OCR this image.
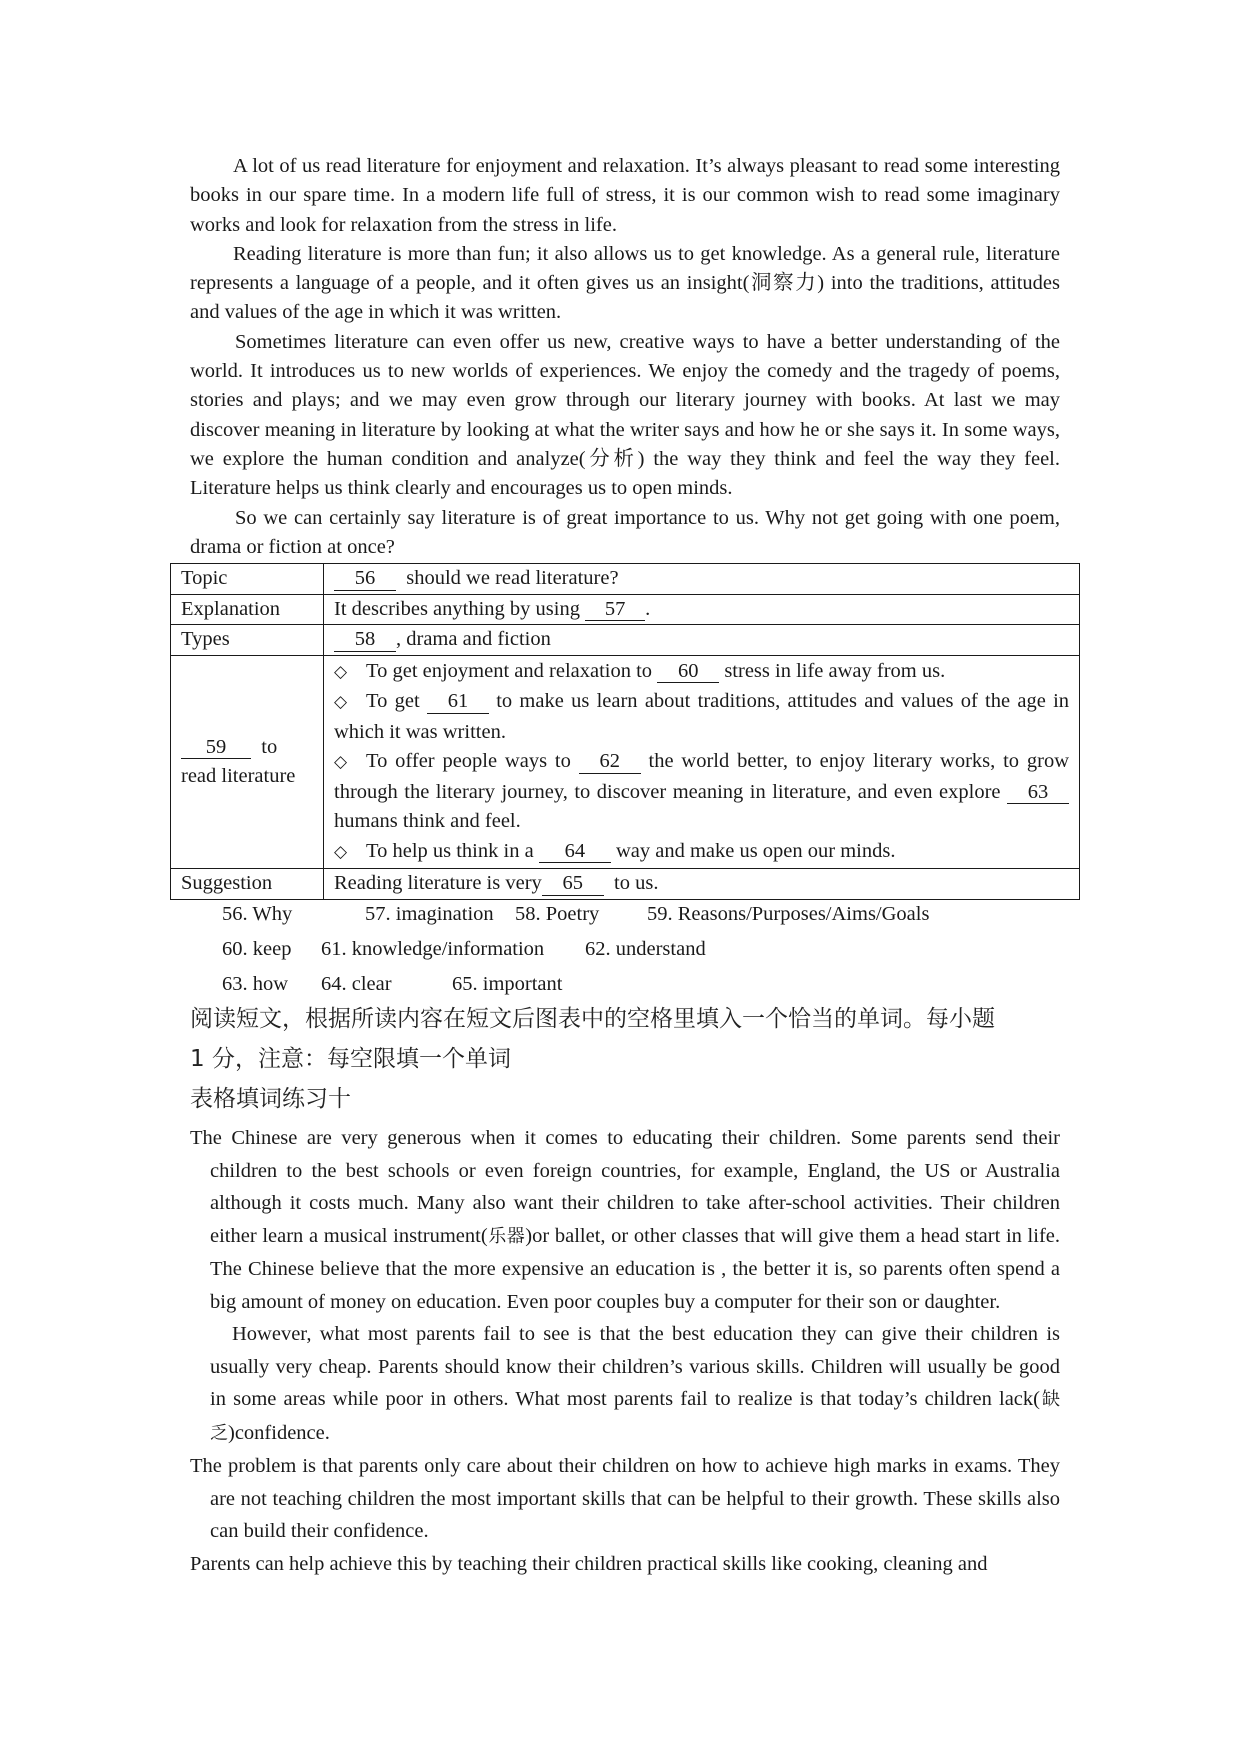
A lot of us read literature for enjoyment and relaxation. It’s always pleasant to read some interesting books in our spare time. In a modern life full of stress, it is our common wish to read some imaginary works and look for relaxation from the stress in life.

Reading literature is more than fun; it also allows us to get knowledge. As a general rule, literature represents a language of a people, and it often gives us an insight(洞察力) into the traditions, attitudes and values of the age in which it was written.

Sometimes literature can even offer us new, creative ways to have a better understanding of the world. It introduces us to new worlds of experiences. We enjoy the comedy and the tragedy of poems, stories and plays; and we may even grow through our literary journey with books. At last we may discover meaning in literature by looking at what the writer says and how he or she says it. In some ways, we explore the human condition and analyze(分析) the way they think and feel the way they feel. Literature helps us think clearly and encourages us to open minds.

So we can certainly say literature is of great importance to us. Why not get going with one poem, drama or fiction at once?

Topic	56 should we read literature?
Explanation	It describes anything by using 57 .
Types	58 , drama and fiction
59 to read literature	◇ To get enjoyment and relaxation to 60 stress in life away from us.
◇ To get 61 to make us learn about traditions, attitudes and values of the age in which it was written.
◇ To offer people ways to 62 the world better, to enjoy literary works, to grow through the literary journey, to discover meaning in literature, and even explore 63 humans think and feel.
◇ To help us think in a 64 way and make us open our minds.

Suggestion	Reading literature is very 65 to us.
56. Why	57. imagination 58. Poetry 59. Reasons/Purposes/Aims/Goals
60. keep 61. knowledge/information 62. understand
63. how 64. clear	65. important
阅读短文，根据所读内容在短文后图表中的空格里填入一个恰当的单词。每小题
1 分，注意：每空限填一个单词
表格填词练习十

The Chinese are very generous when it comes to educating their children. Some parents send their children to the best schools or even foreign countries, for example, England, the US or Australia although it costs much. Many also want their children to take after-school activities. Their children either learn a musical instrument(乐器)or ballet, or other classes that will give them a head start in life. The Chinese believe that the more expensive an education is , the better it is, so parents often spend a big amount of money on education. Even poor couples buy a computer for their son or daughter.

However, what most parents fail to see is that the best education they can give their children is usually very cheap. Parents should know their children’s various skills. Children will usually be good in some areas while poor in others. What most parents fail to realize is that today’s children lack(缺乏)confidence.

The problem is that parents only care about their children on how to achieve high marks in exams. They are not teaching children the most important skills that can be helpful to their growth. These skills also can build their confidence.

Parents can help achieve this by teaching their children practical skills like cooking, cleaning and
